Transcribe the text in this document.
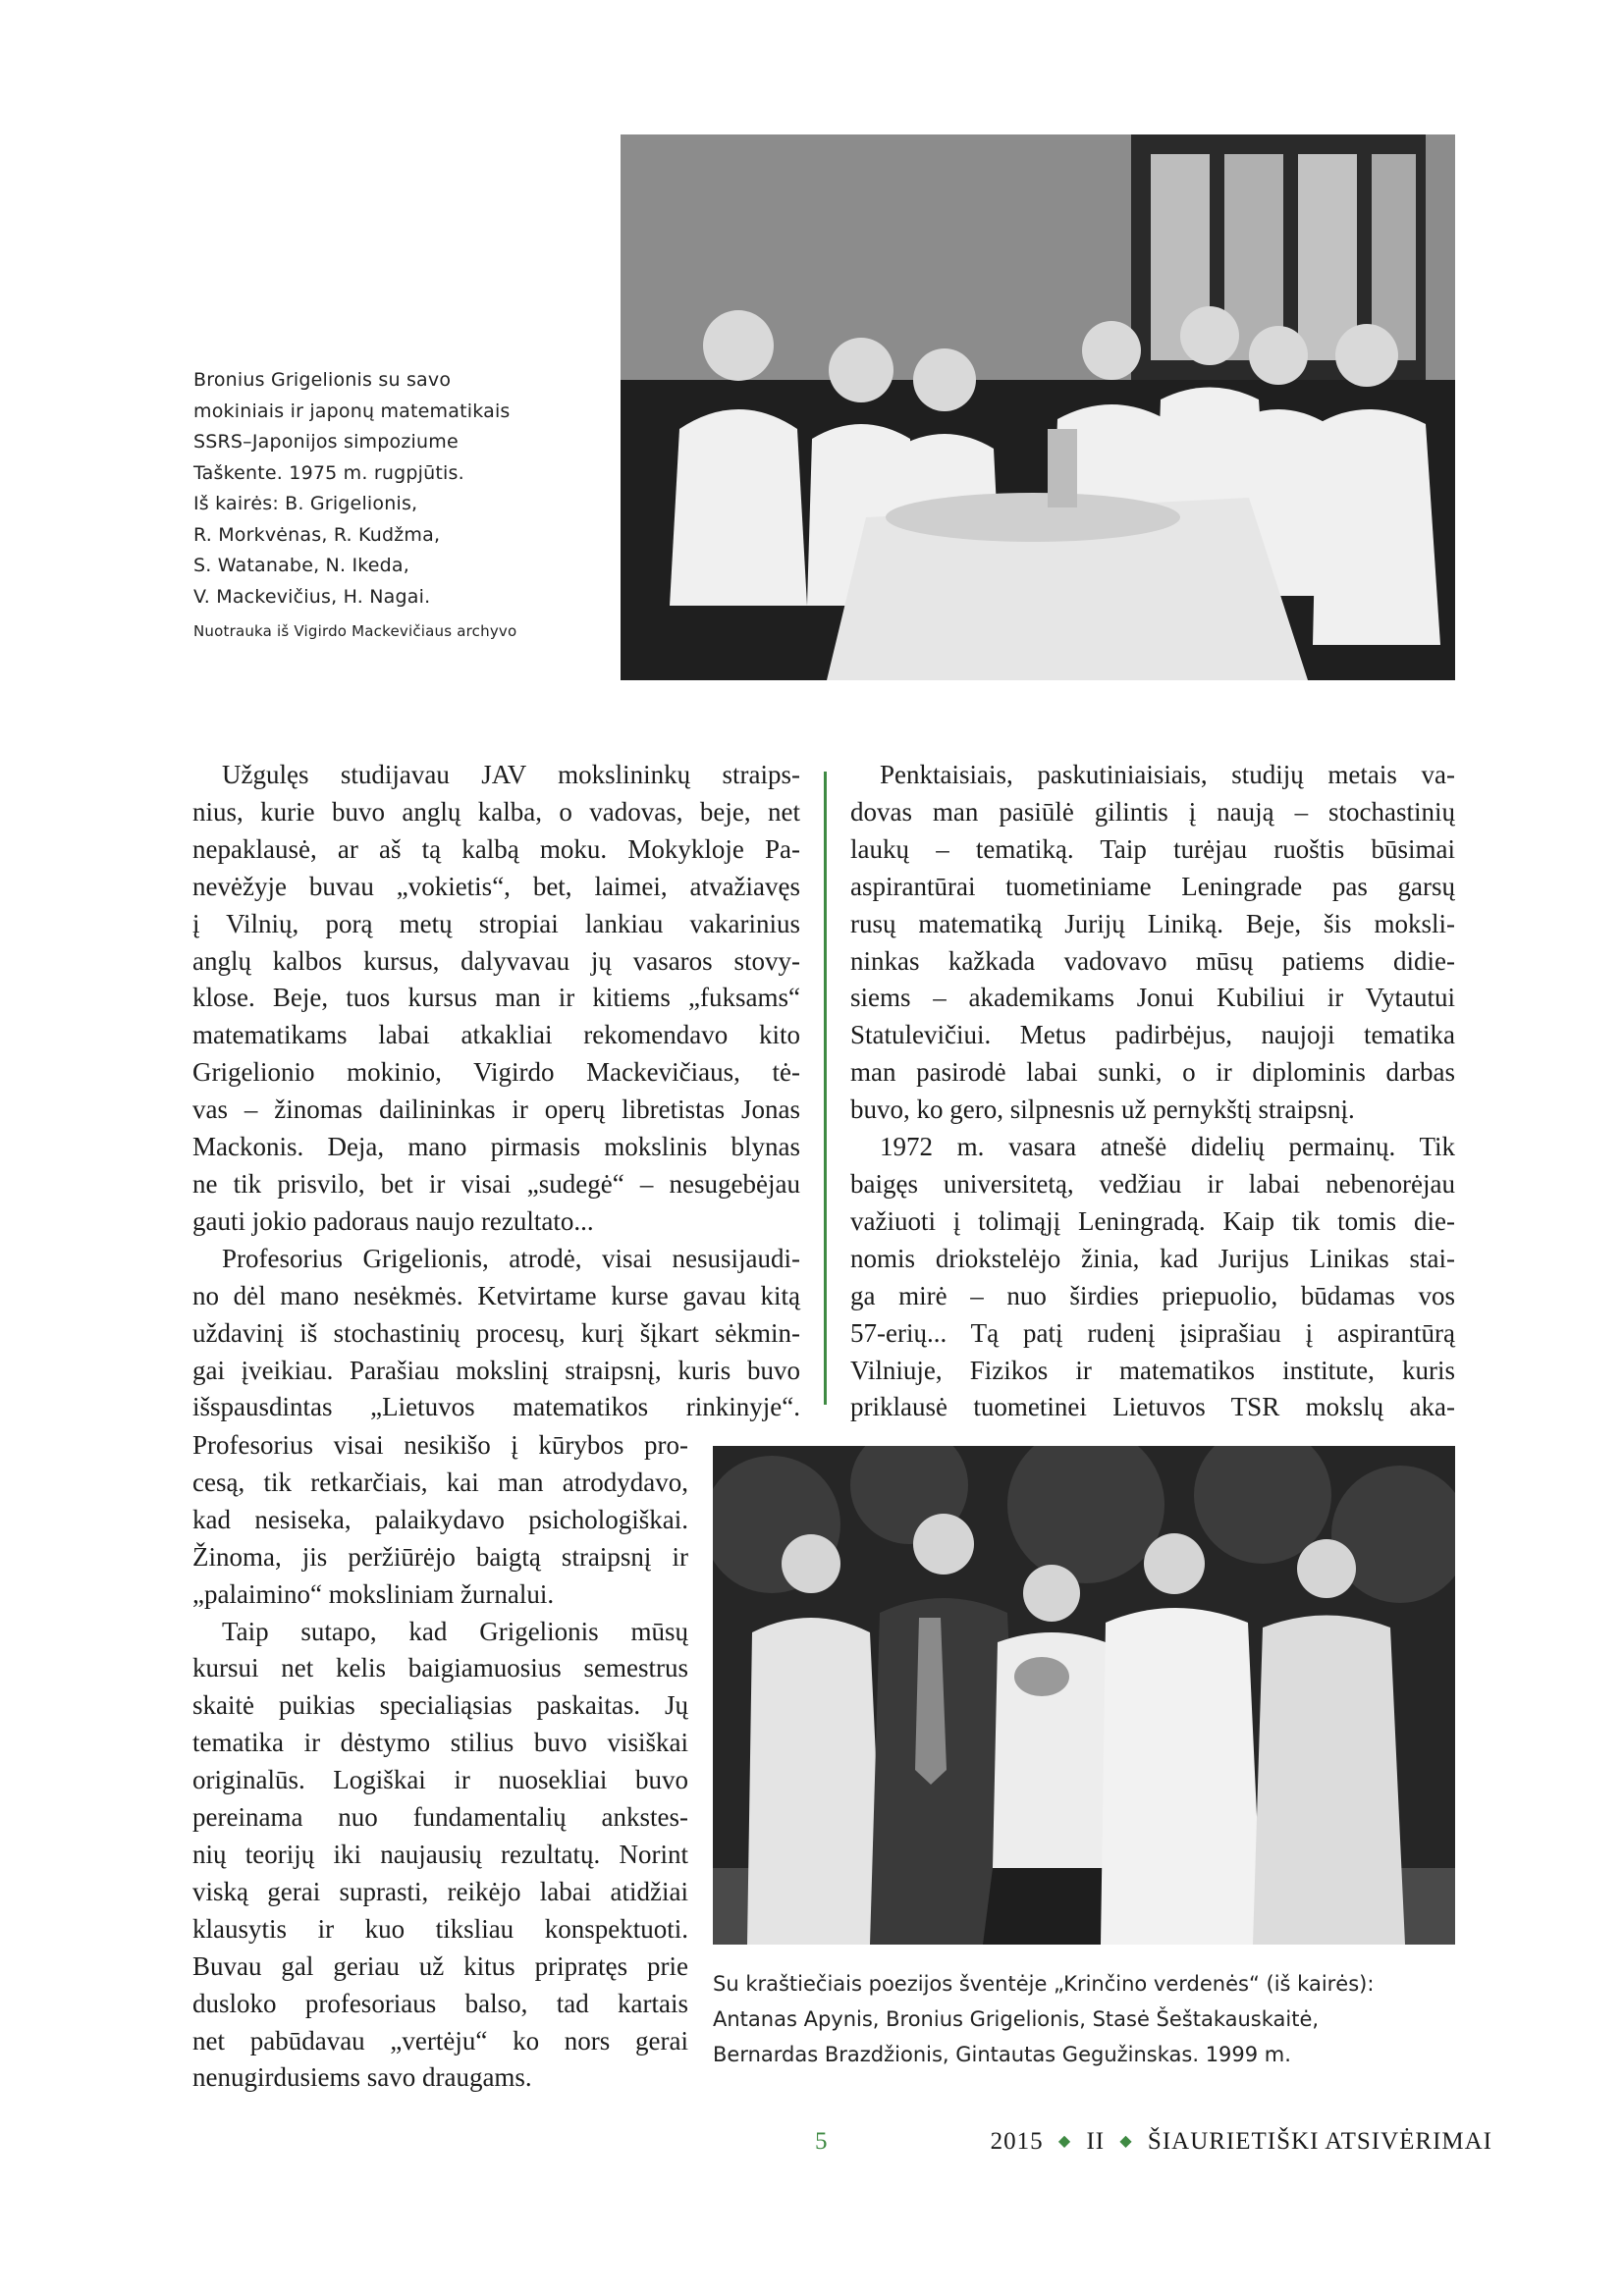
Bronius Grigelionis su savo
mokiniais ir japonų matematikais
SSRS–Japonijos simpoziume
Taškente. 1975 m. rugpjūtis.
Iš kairės: B. Grigelionis,
R. Morkvėnas, R. Kudžma,
S. Watanabe, N. Ikeda,
V. Mackevičius, H. Nagai.
Nuotrauka iš Vigirdo Mackevičiaus archyvo
Užgulęs studijavau JAV mokslininkų straips-
nius, kurie buvo anglų kalba, o vadovas, beje, net
nepaklausė, ar aš tą kalbą moku. Mokykloje Pa-
nevėžyje buvau „vokietis“, bet, laimei, atvažiavęs
į Vilnių, porą metų stropiai lankiau vakarinius
anglų kalbos kursus, dalyvavau jų vasaros stovy-
klose. Beje, tuos kursus man ir kitiems „fuksams“
matematikams labai atkakliai rekomendavo kito
Grigelionio mokinio, Vigirdo Mackevičiaus, tė-
vas – žinomas dailininkas ir operų libretistas Jonas
Mackonis. Deja, mano pirmasis mokslinis blynas
ne tik prisvilo, bet ir visai „sudegė“ – nesugebėjau
gauti jokio padoraus naujo rezultato...
Profesorius Grigelionis, atrodė, visai nesusijaudi-
no dėl mano nesėkmės. Ketvirtame kurse gavau kitą
uždavinį iš stochastinių procesų, kurį šįkart sėkmin-
gai įveikiau. Parašiau mokslinį straipsnį, kuris buvo
išspausdintas „Lietuvos matematikos rinkinyje“.
Profesorius visai nesikišo į kūrybos pro-
cesą, tik retkarčiais, kai man atrodydavo,
kad nesiseka, palaikydavo psichologiškai.
Žinoma, jis peržiūrėjo baigtą straipsnį ir
„palaimino“ moksliniam žurnalui.
Taip sutapo, kad Grigelionis mūsų
kursui net kelis baigiamuosius semestrus
skaitė puikias specialiąsias paskaitas. Jų
tematika ir dėstymo stilius buvo visiškai
originalūs. Logiškai ir nuosekliai buvo
pereinama nuo fundamentalių ankstes-
nių teorijų iki naujausių rezultatų. Norint
viską gerai suprasti, reikėjo labai atidžiai
klausytis ir kuo tiksliau konspektuoti.
Buvau gal geriau už kitus pripratęs prie
dusloko profesoriaus balso, tad kartais
net pabūdavau „vertėju“ ko nors gerai
nenugirdusiems savo draugams.
Penktaisiais, paskutiniaisiais, studijų metais va-
dovas man pasiūlė gilintis į naują – stochastinių
laukų – tematiką. Taip turėjau ruoštis būsimai
aspirantūrai tuometiniame Leningrade pas garsų
rusų matematiką Jurijų Liniką. Beje, šis moksli-
ninkas kažkada vadovavo mūsų patiems didie-
siems – akademikams Jonui Kubiliui ir Vytautui
Statulevičiui. Metus padirbėjus, naujoji tematika
man pasirodė labai sunki, o ir diplominis darbas
buvo, ko gero, silpnesnis už pernykštį straipsnį.
1972 m. vasara atnešė didelių permainų. Tik
baigęs universitetą, vedžiau ir labai nebenorėjau
važiuoti į tolimąjį Leningradą. Kaip tik tomis die-
nomis driokstelėjo žinia, kad Jurijus Linikas stai-
ga mirė – nuo širdies priepuolio, būdamas vos
57-erių... Tą patį rudenį įsiprašiau į aspirantūrą
Vilniuje, Fizikos ir matematikos institute, kuris
priklausė tuometinei Lietuvos TSR mokslų aka-
Su kraštiečiais poezijos šventėje „Krinčino verdenės“ (iš kairės):
Antanas Apynis, Bronius Grigelionis, Stasė Šeštakauskaitė,
Bernardas Brazdžionis, Gintautas Gegužinskas. 1999 m.
5	2015 ◆ II ◆ ŠIAURIETIŠKI ATSIVĖRIMAI
